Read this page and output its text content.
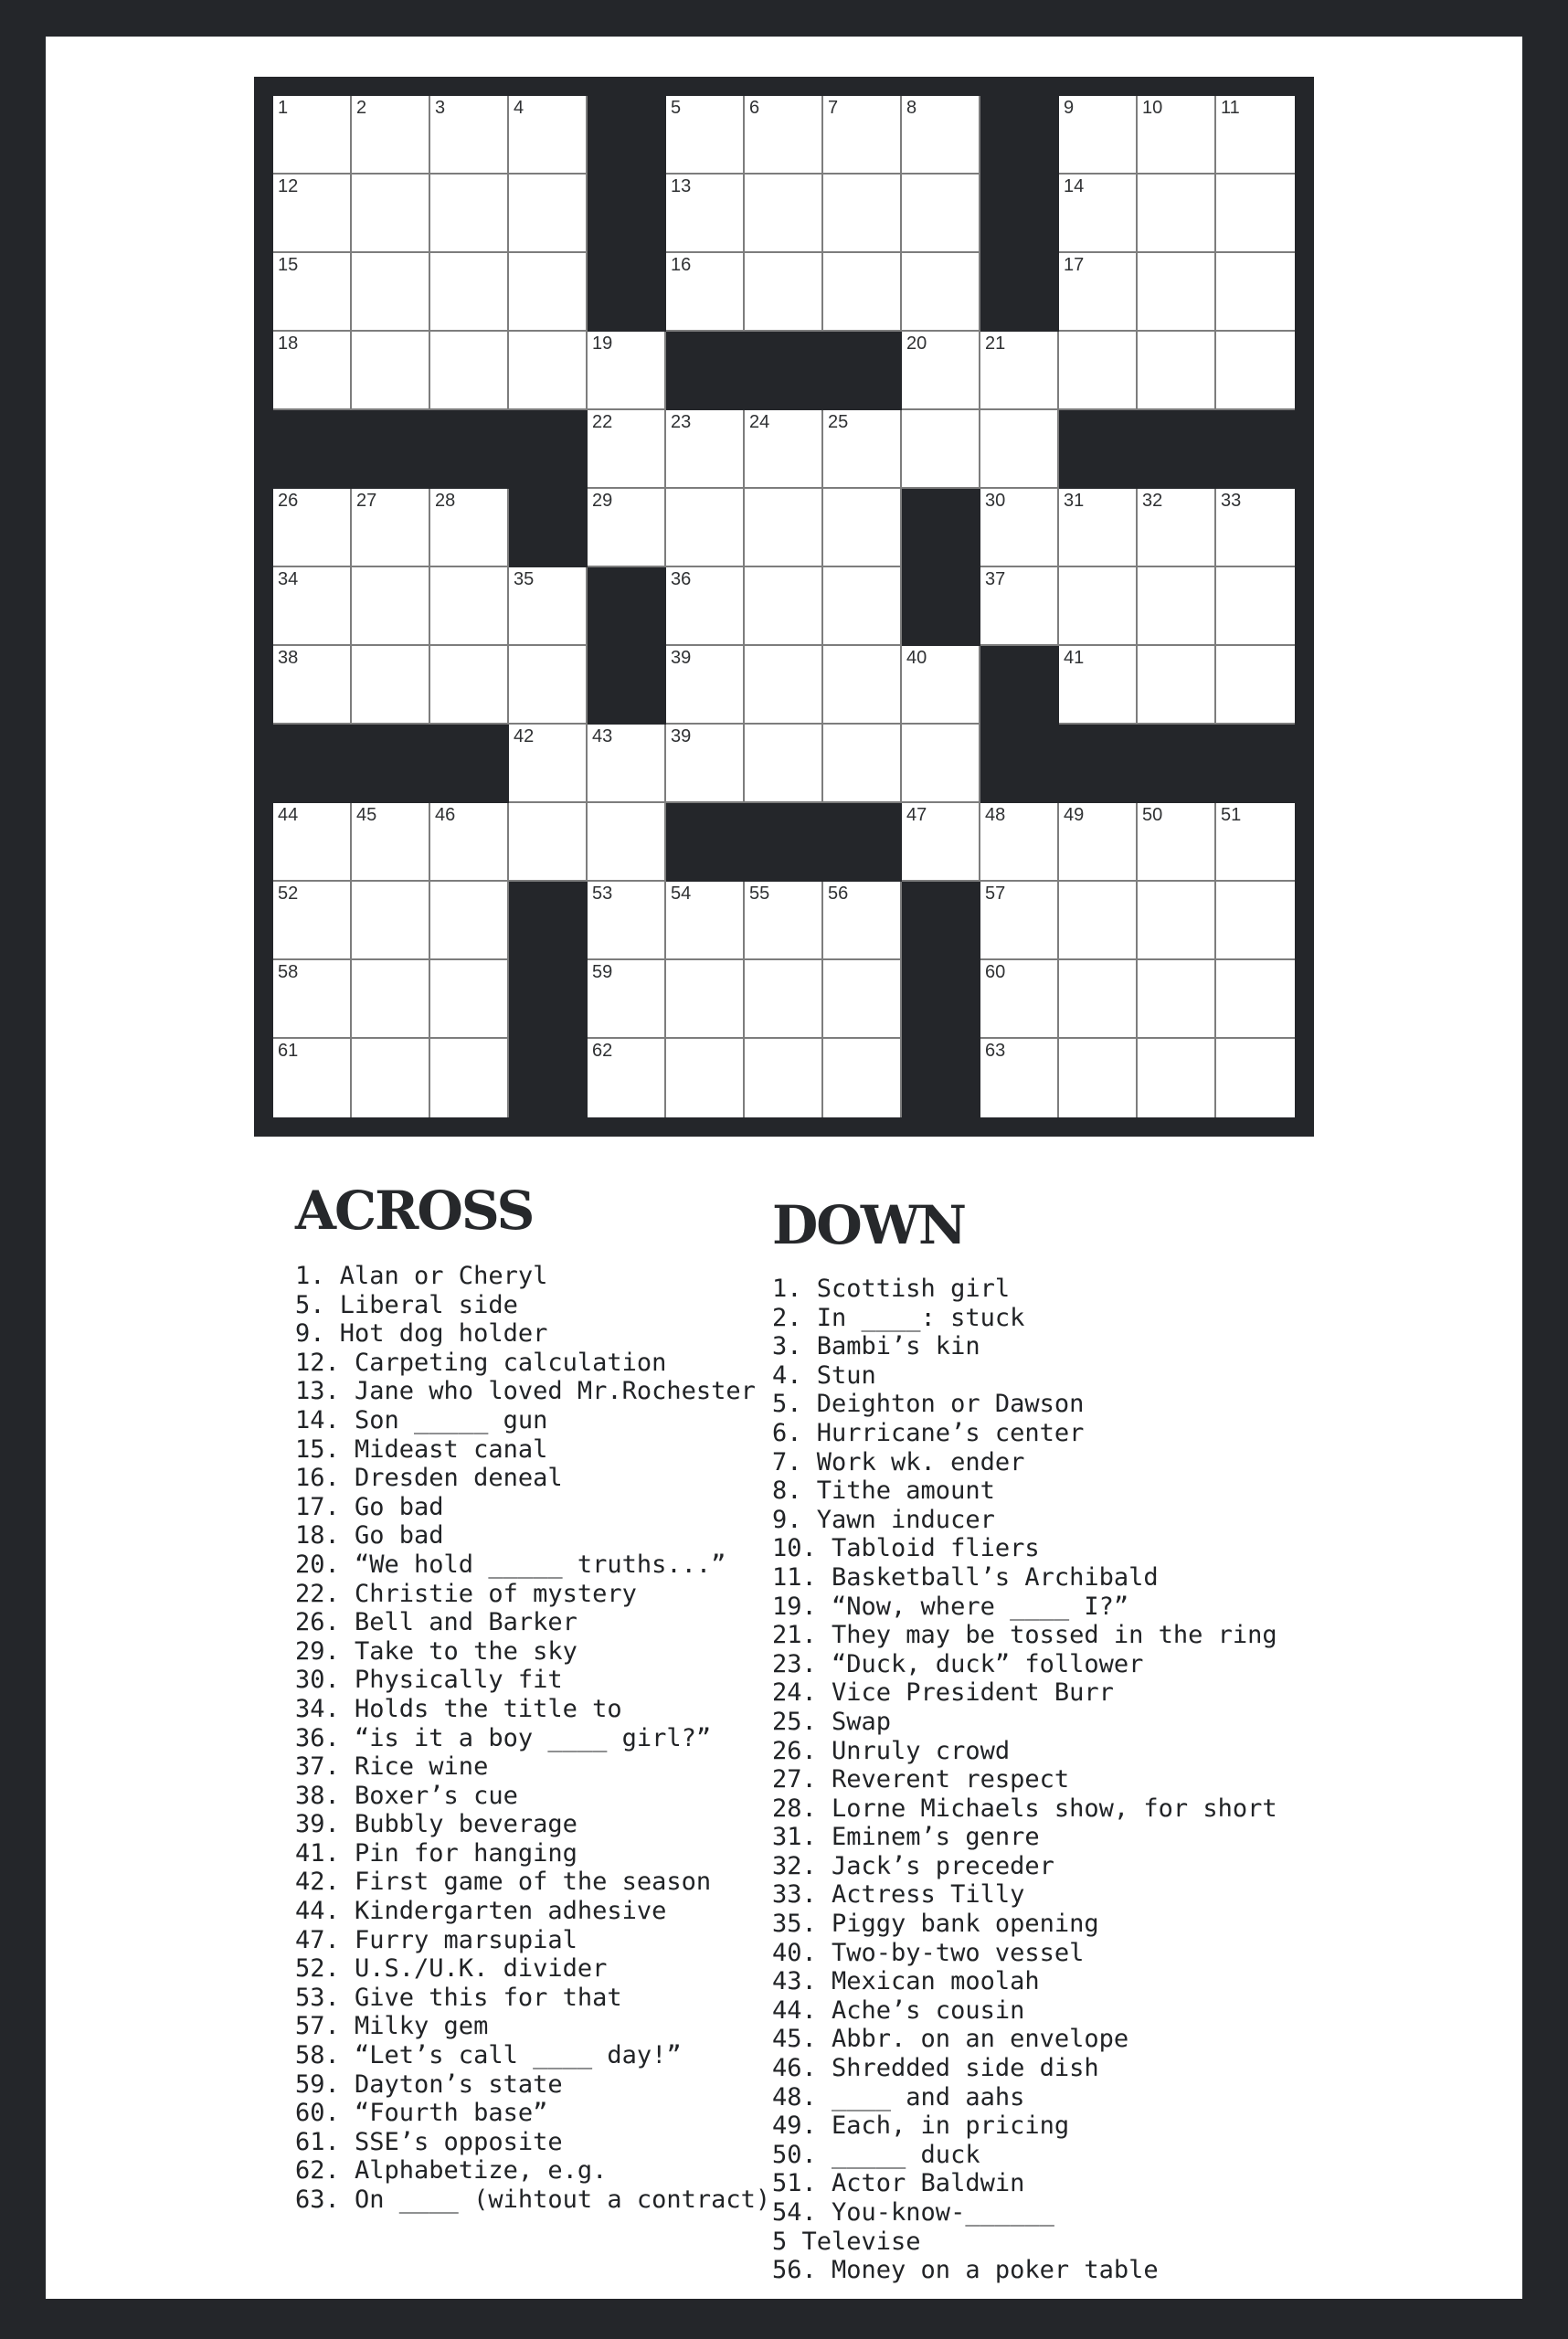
1	2	3	4	5	6	7	8	9	10	11
12	13	14
15	16	17
18	19	20	21
22	23	24	25
26	27	28	29	30	31	32	33
34	35	36	37
38	39	40	41
42	43	39
44	45	46	47	48	49	50	51
52	53	54	55	56	57
58	59	60
61	62	63
ACROSS	DOWN
1. Alan or Cheryl
5. Liberal side
9. Hot dog holder
12. Carpeting calculation
13. Jane who loved Mr.Rochester
14. Son _____ gun
15. Mideast canal
16. Dresden deneal
17. Go bad
18. Go bad
20. “We hold _____ truths...”
22. Christie of mystery
26. Bell and Barker
29. Take to the sky
30. Physically fit
34. Holds the title to
36. “is it a boy ____ girl?”
37. Rice wine
38. Boxer’s cue
39. Bubbly beverage
41. Pin for hanging
42. First game of the season
44. Kindergarten adhesive
47. Furry marsupial
52. U.S./U.K. divider
53. Give this for that
57. Milky gem
58. “Let’s call ____ day!”
59. Dayton’s state
60. “Fourth base”
61. SSE’s opposite
62. Alphabetize, e.g.
63. On ____ (wihtout a contract)
1. Scottish girl
2. In ____: stuck
3. Bambi’s kin
4. Stun
5. Deighton or Dawson
6. Hurricane’s center
7. Work wk. ender
8. Tithe amount
9. Yawn inducer
10. Tabloid fliers
11. Basketball’s Archibald
19. “Now, where ____ I?”
21. They may be tossed in the ring
23. “Duck, duck” follower
24. Vice President Burr
25. Swap
26. Unruly crowd
27. Reverent respect
28. Lorne Michaels show, for short
31. Eminem’s genre
32. Jack’s preceder
33. Actress Tilly
35. Piggy bank opening
40. Two-by-two vessel
43. Mexican moolah
44. Ache’s cousin
45. Abbr. on an envelope
46. Shredded side dish
48. ____ and aahs
49. Each, in pricing
50. _____ duck
51. Actor Baldwin
54. You-know-______
5 Televise
56. Money on a poker table
